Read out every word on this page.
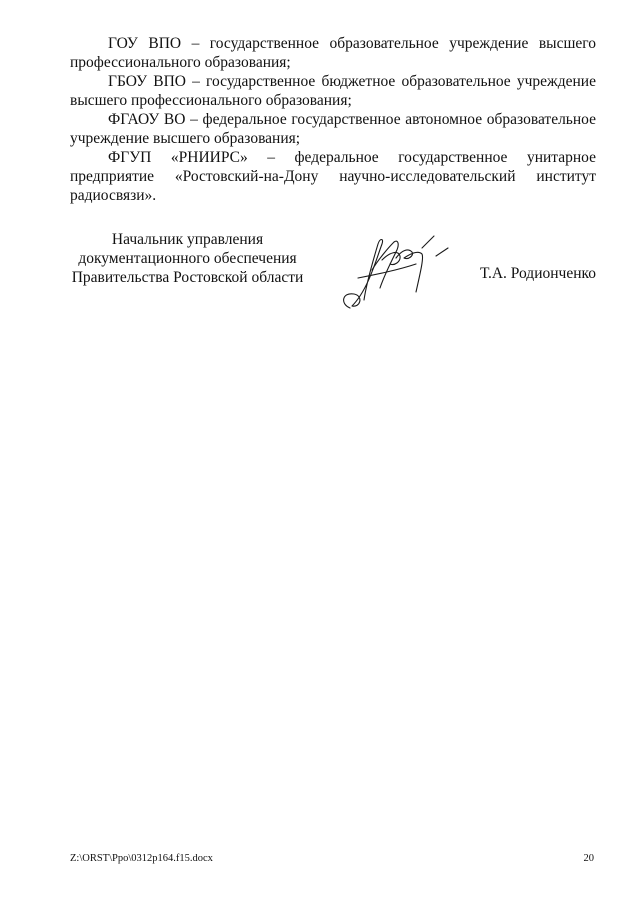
ГОУ ВПО – государственное образовательное учреждение высшего профессионального образования;

ГБОУ ВПО – государственное бюджетное образовательное учреждение высшего профессионального образования;

ФГАОУ ВО – федеральное государственное автономное образовательное учреждение высшего образования;

ФГУП «РНИИРС» – федеральное государственное унитарное предприятие «Ростовский-на-Дону научно-исследовательский институт радиосвязи».

Начальник управления
документационного обеспечения
Правительства Ростовской области	Т.А. Родионченко
Z:\ORST\Ppo\0312p164.f15.docx	20
